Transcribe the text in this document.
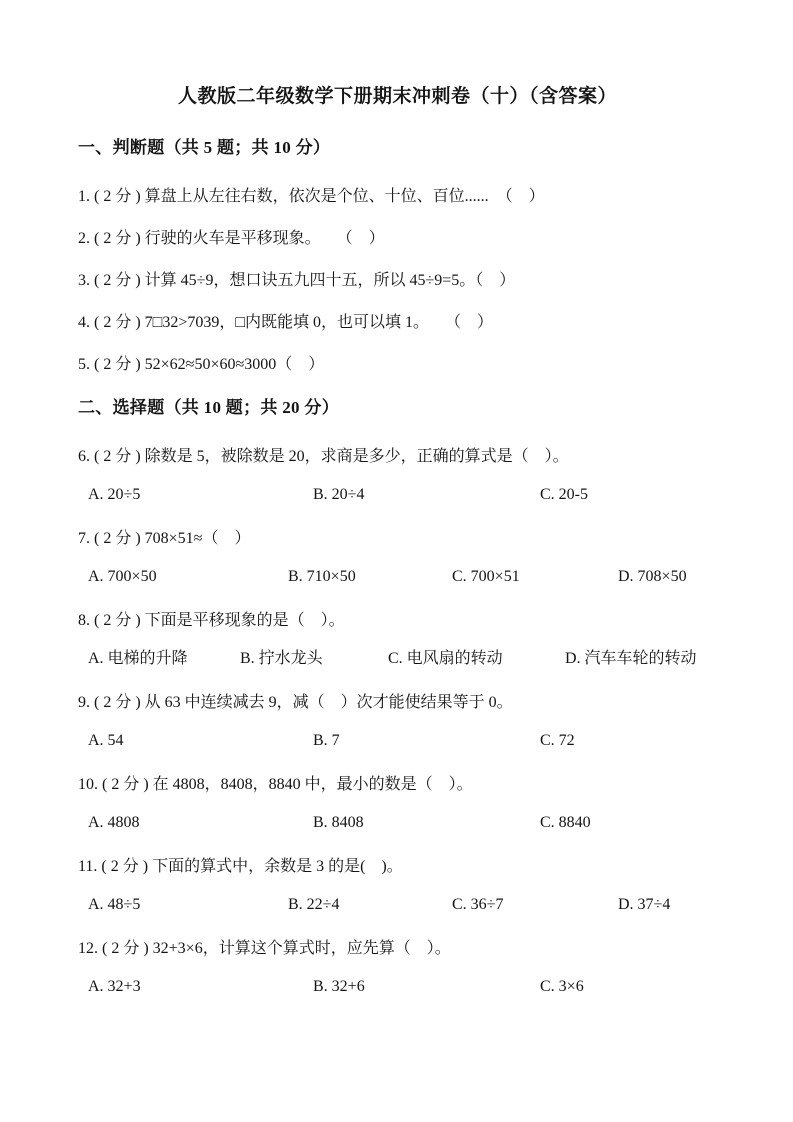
人教版二年级数学下册期末冲刺卷（十）（含答案）
一、判断题（共 5 题；共 10 分）
1. ( 2 分 ) 算盘上从左往右数，依次是个位、十位、百位......　（　）
2. ( 2 分 ) 行驶的火车是平移现象。　　（　）
3. ( 2 分 ) 计算 45÷9，想口诀五九四十五，所以 45÷9=5。（　）
4. ( 2 分 ) 7□32>7039，□内既能填 0，也可以填 1。　　（　）
5. ( 2 分 ) 52×62≈50×60≈3000（　）
二、选择题（共 10 题；共 20 分）
6. ( 2 分 ) 除数是 5，被除数是 20，求商是多少，正确的算式是（　）。
A. 20÷5	B. 20÷4	C. 20-5
7. ( 2 分 ) 708×51≈（　）
A. 700×50	B. 710×50	C. 700×51	D. 708×50
8. ( 2 分 ) 下面是平移现象的是（　）。
A. 电梯的升降	B. 拧水龙头	C. 电风扇的转动	D. 汽车车轮的转动
9. ( 2 分 ) 从 63 中连续减去 9，减（　）次才能使结果等于 0。
A. 54	B. 7	C. 72
10. ( 2 分 ) 在 4808，8408，8840 中，最小的数是（　）。
A. 4808	B. 8408	C. 8840
11. ( 2 分 ) 下面的算式中，余数是 3 的是(　)。
A. 48÷5	B. 22÷4	C. 36÷7	D. 37÷4
12. ( 2 分 ) 32+3×6，计算这个算式时，应先算（　）。
A. 32+3	B. 32+6	C. 3×6
